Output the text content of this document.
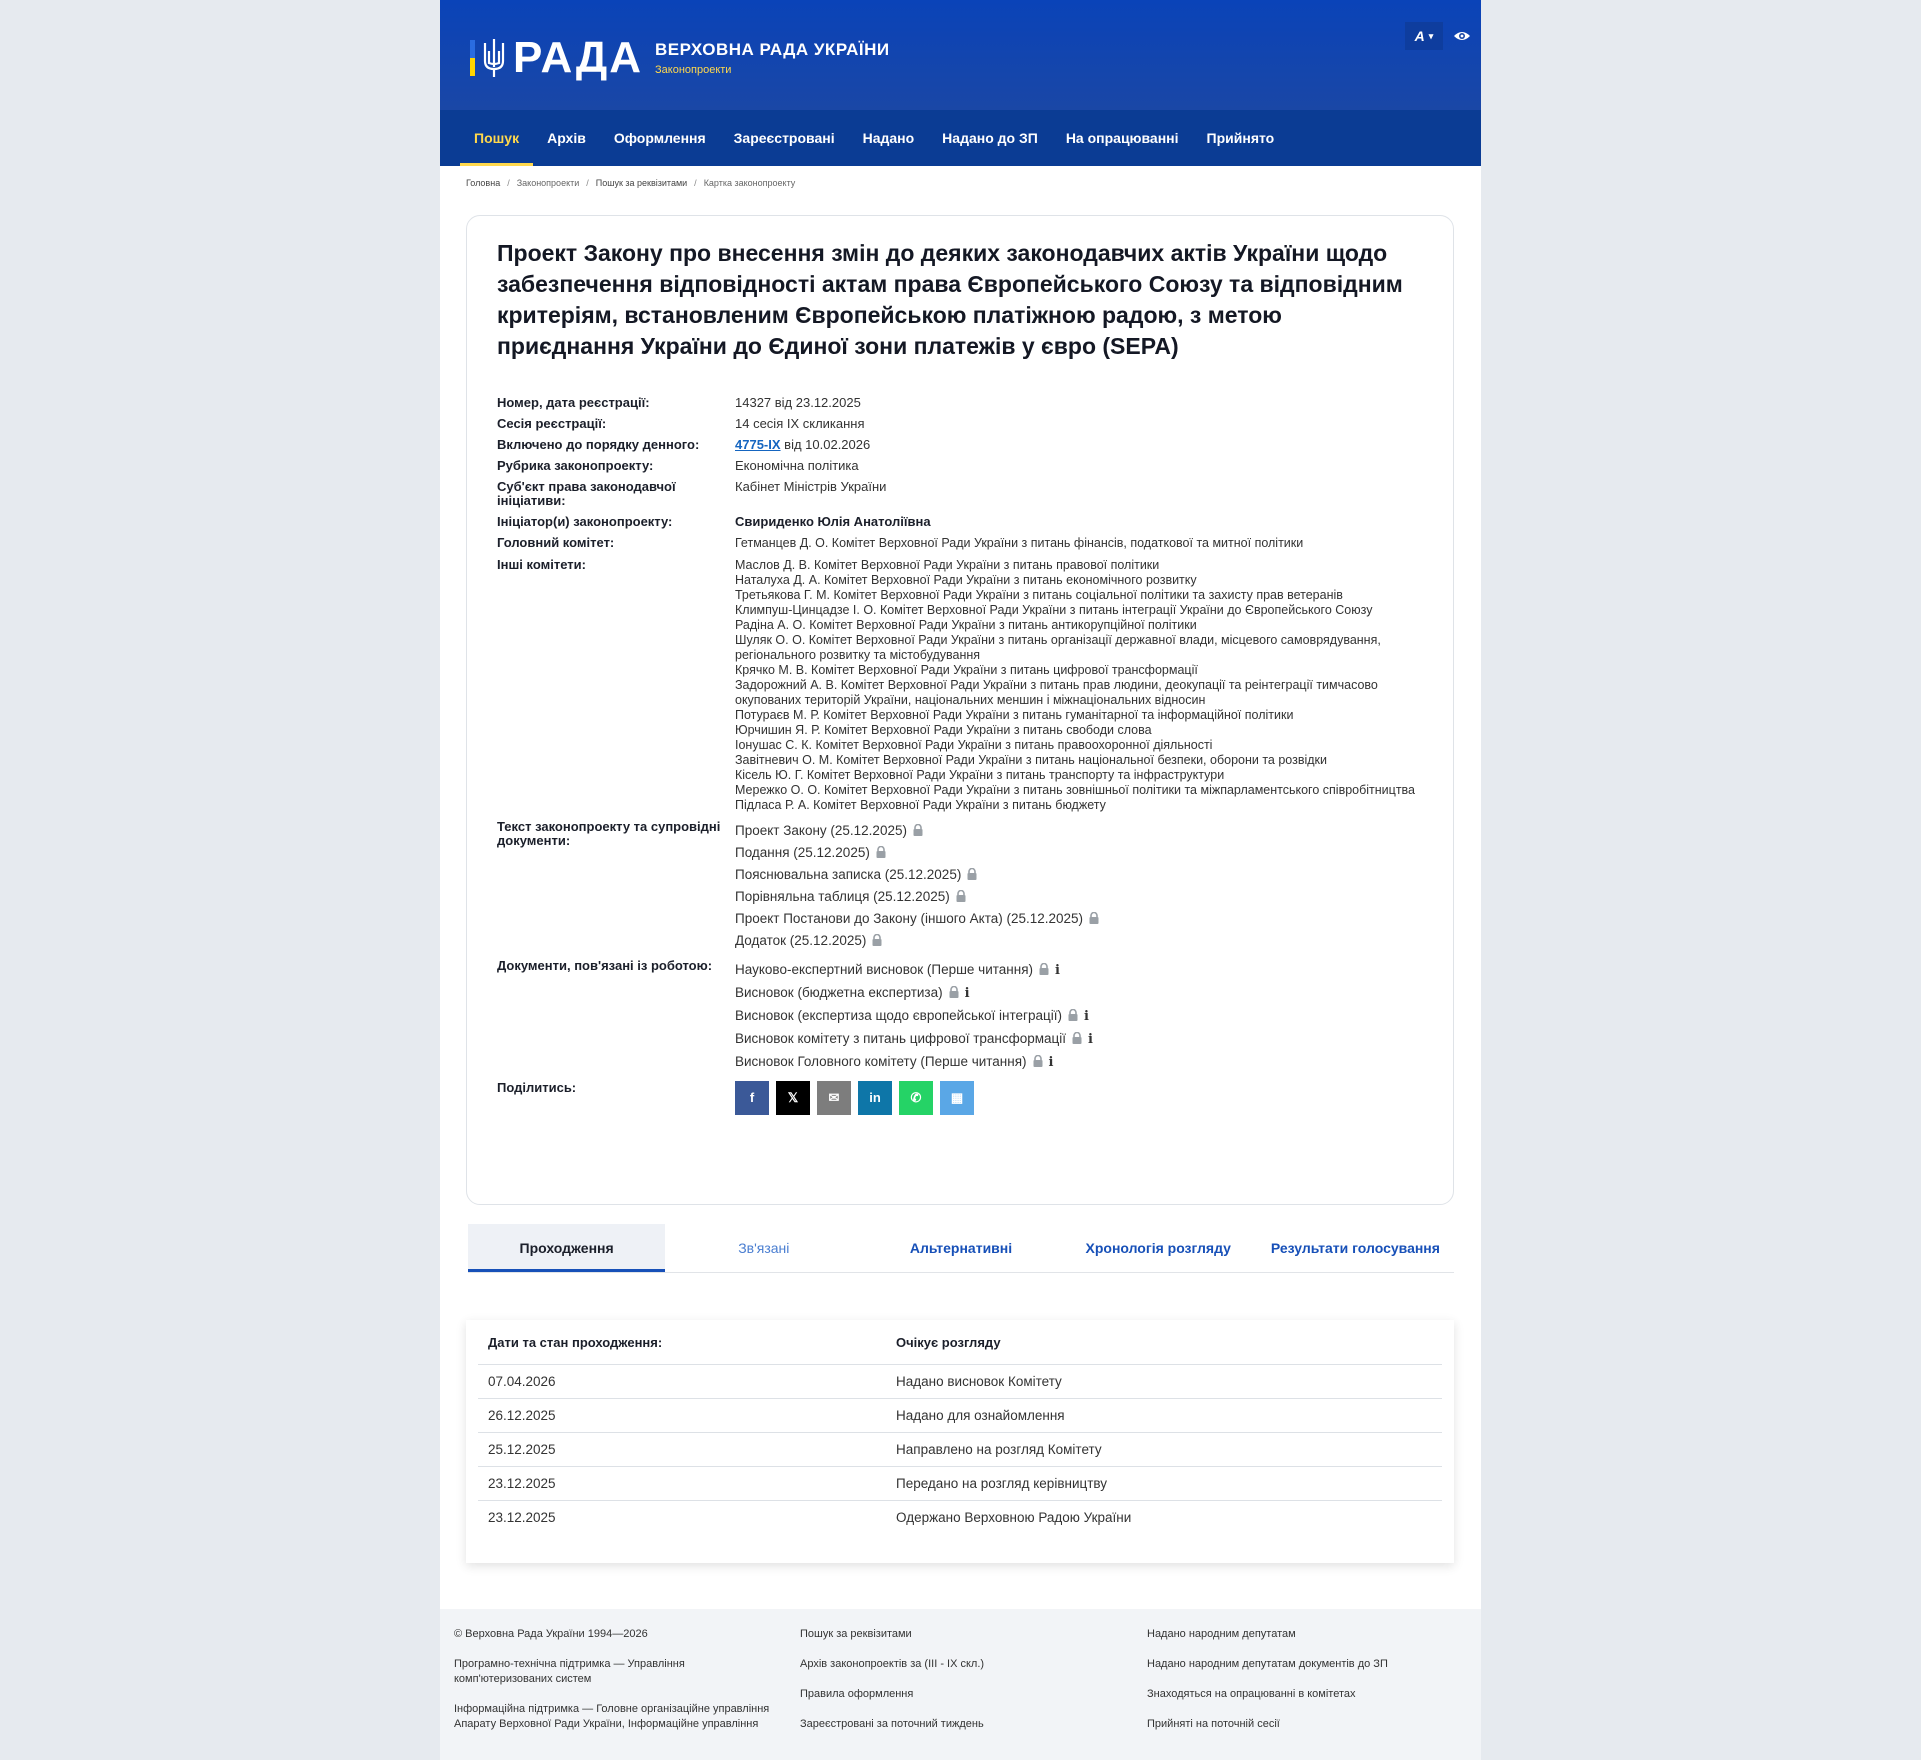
РАДА ВЕРХОВНА РАДА УКРАЇНИ
Законопроекти
A ▾
Пошук	Архів	Оформлення	Зареєстровані	Надано	Надано до ЗП	На опрацюванні	Прийнято
Головна / Законопроекти / Пошук за реквізитами / Картка законопроекту
Проект Закону про внесення змін до деяких законодавчих актів України щодо забезпечення відповідності актам права Європейського Союзу та відповідним критеріям, встановленим Європейською платіжною радою, з метою приєднання України до Єдиної зони платежів у євро (SEPA)
Номер, дата реєстрації:	14327 від 23.12.2025
Сесія реєстрації:	14 сесія IX скликання
Включено до порядку денного:	4775-IX від 10.02.2026
Рубрика законопроекту:	Економічна політика
Суб'єкт права законодавчої ініціативи:
Кабінет Міністрів України
Ініціатор(и) законопроекту:	Свириденко Юлія Анатоліївна
Головний комітет:	Гетманцев Д. О. Комітет Верховної Ради України з питань фінансів, податкової та митної політики
Інші комітети:	Маслов Д. В. Комітет Верховної Ради України з питань правової політики
Наталуха Д. А. Комітет Верховної Ради України з питань економічного розвитку
Третьякова Г. М. Комітет Верховної Ради України з питань соціальної політики та захисту прав ветеранів
Климпуш-Цинцадзе І. О. Комітет Верховної Ради України з питань інтеграції України до Європейського Союзу
Радіна А. О. Комітет Верховної Ради України з питань антикорупційної політики
Шуляк О. О. Комітет Верховної Ради України з питань організації державної влади, місцевого самоврядування, регіонального розвитку та містобудування
Крячко М. В. Комітет Верховної Ради України з питань цифрової трансформації
Задорожний А. В. Комітет Верховної Ради України з питань прав людини, деокупації та реінтеграції тимчасово окупованих територій України, національних меншин і міжнаціональних відносин
Потураєв М. Р. Комітет Верховної Ради України з питань гуманітарної та інформаційної політики
Юрчишин Я. Р. Комітет Верховної Ради України з питань свободи слова
Іонушас С. К. Комітет Верховної Ради України з питань правоохоронної діяльності
Завітневич О. М. Комітет Верховної Ради України з питань національної безпеки, оборони та розвідки
Кісель Ю. Г. Комітет Верховної Ради України з питань транспорту та інфраструктури
Мережко О. О. Комітет Верховної Ради України з питань зовнішньої політики та міжпарламентського співробітництва
Підласа Р. А. Комітет Верховної Ради України з питань бюджету
Текст законопроекту та супровідні документи:
Проект Закону (25.12.2025)
Подання (25.12.2025)
Пояснювальна записка (25.12.2025)
Порівняльна таблиця (25.12.2025)
Проект Постанови до Закону (іншого Акта) (25.12.2025)
Додаток (25.12.2025)
Документи, пов'язані із роботою:	Науково-експертний висновок (Перше читання) i
Висновок (бюджетна експертиза) i
Висновок (експертиза щодо європейської інтеграції) i
Висновок комітету з питань цифрової трансформації i
Висновок Головного комітету (Перше читання) i
Поділитись:
f	𝕏	✉	in	✆	▦
Проходження	Зв'язані	Альтернативні	Хронологія розгляду	Результати голосування
Дати та стан проходження:	Очікує розгляду
07.04.2026	Надано висновок Комітету
26.12.2025	Надано для ознайомлення
25.12.2025	Направлено на розгляд Комітету
23.12.2025	Передано на розгляд керівництву
23.12.2025	Одержано Верховною Радою України
© Верховна Рада України 1994—2026
Програмно-технічна підтримка — Управління комп'ютеризованих систем
Інформаційна підтримка — Головне організаційне управління Апарату Верховної Ради України, Інформаційне управління
Пошук за реквізитами
Архів законопроектів за (III - IX скл.)
Правила оформлення
Зареєстровані за поточний тиждень
Надано народним депутатам
Надано народним депутатам документів до ЗП
Знаходяться на опрацюванні в комітетах
Прийняті на поточній сесії
